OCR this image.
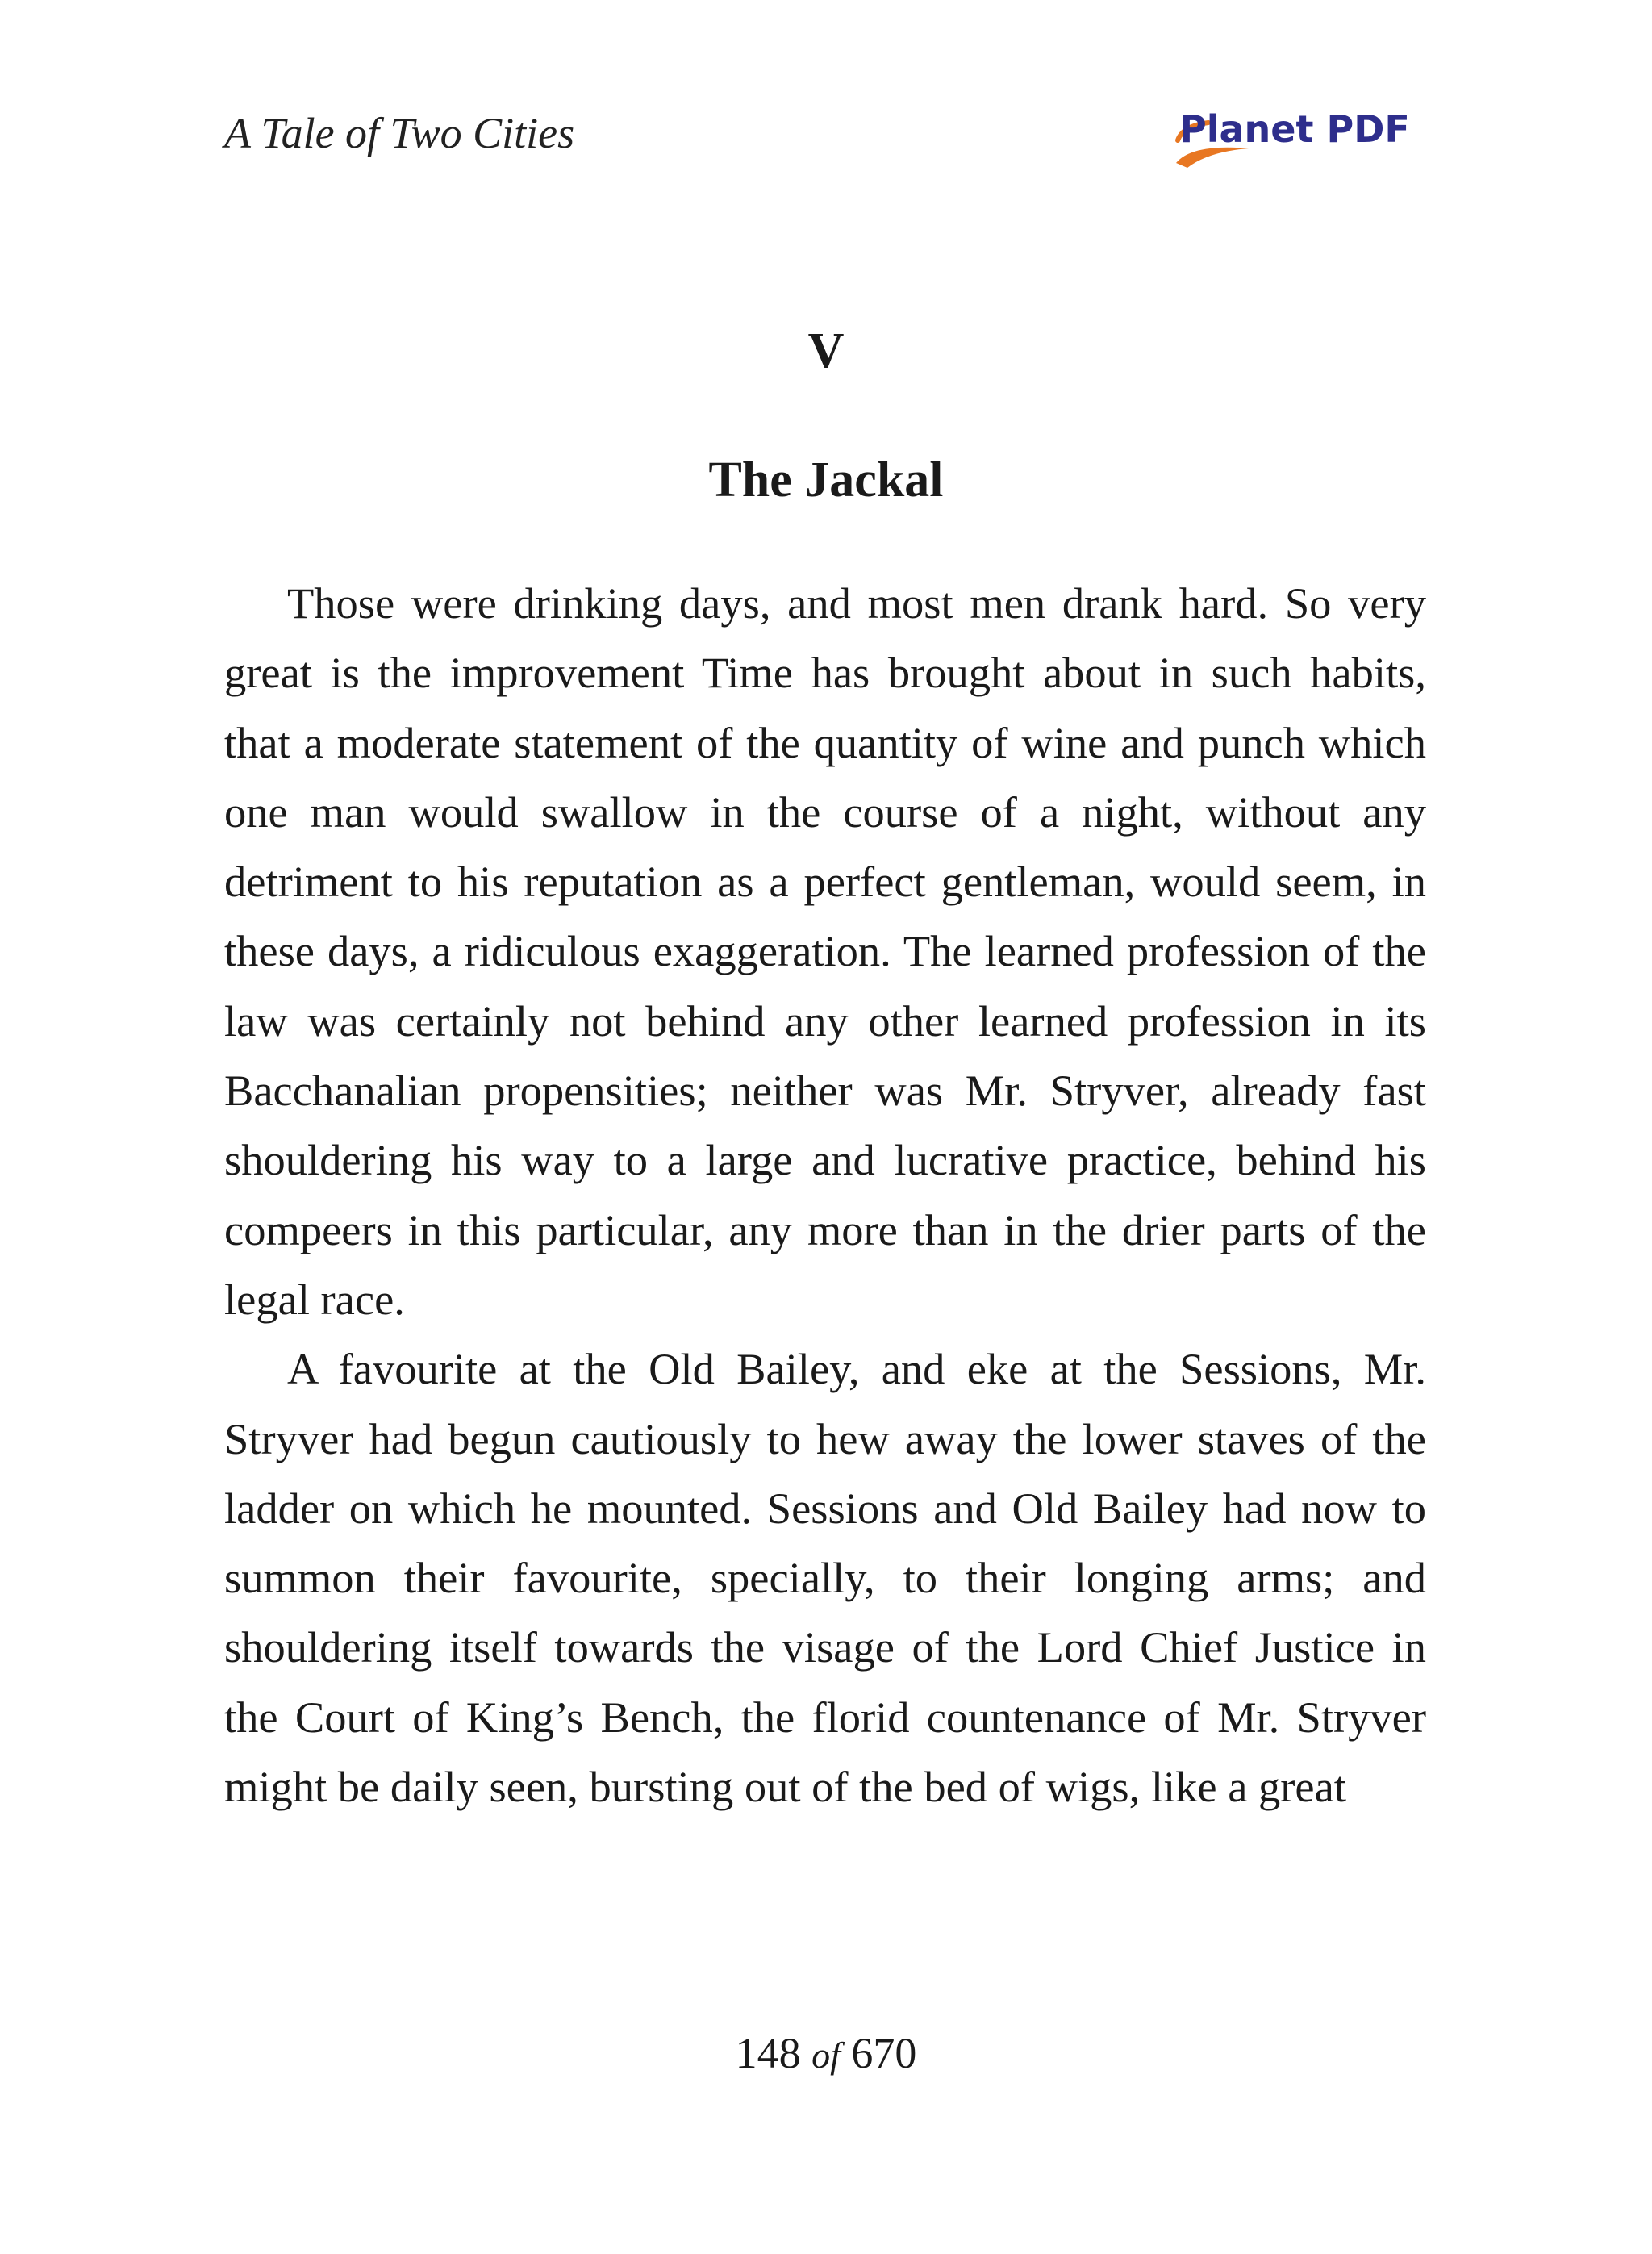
A Tale of Two Cities	Planet PDF
V
The Jackal

Those were drinking days, and most men drank hard. So very great is the improvement Time has brought about in such habits, that a moderate statement of the quantity of wine and punch which one man would swallow in the course of a night, without any detriment to his reputation as a perfect gentleman, would seem, in these days, a ridiculous exaggeration. The learned profession of the law was certainly not behind any other learned profession in its Bacchanalian propensities; neither was Mr. Stryver, already fast shouldering his way to a large and lucrative practice, behind his compeers in this particular, any more than in the drier parts of the legal race.

A favourite at the Old Bailey, and eke at the Sessions, Mr. Stryver had begun cautiously to hew away the lower staves of the ladder on which he mounted. Sessions and Old Bailey had now to summon their favourite, specially, to their longing arms; and shouldering itself towards the visage of the Lord Chief Justice in the Court of King’s Bench, the florid countenance of Mr. Stryver might be daily seen, bursting out of the bed of wigs, like a great

148 of 670
